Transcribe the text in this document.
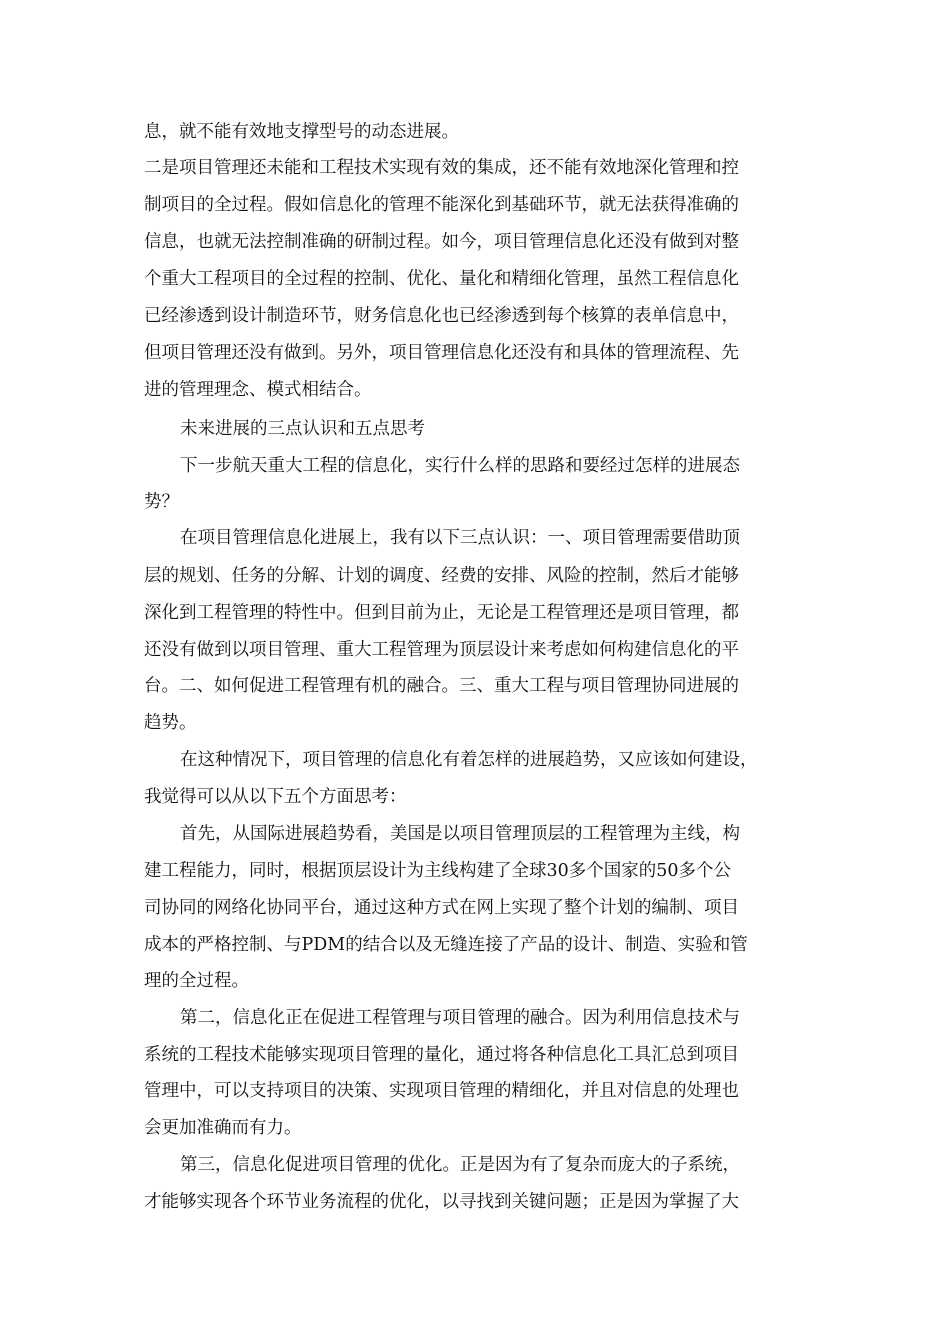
息，就不能有效地支撑型号的动态进展。
二是项目管理还未能和工程技术实现有效的集成，还不能有效地深化管理和控
制项目的全过程。假如信息化的管理不能深化到基础环节，就无法获得准确的
信息，也就无法控制准确的研制过程。如今，项目管理信息化还没有做到对整
个重大工程项目的全过程的控制、优化、量化和精细化管理，虽然工程信息化
已经渗透到设计制造环节，财务信息化也已经渗透到每个核算的表单信息中，
但项目管理还没有做到。另外，项目管理信息化还没有和具体的管理流程、先
进的管理理念、模式相结合。
未来进展的三点认识和五点思考
下一步航天重大工程的信息化，实行什么样的思路和要经过怎样的进展态
势？
在项目管理信息化进展上，我有以下三点认识：一、项目管理需要借助顶
层的规划、任务的分解、计划的调度、经费的安排、风险的控制，然后才能够
深化到工程管理的特性中。但到目前为止，无论是工程管理还是项目管理，都
还没有做到以项目管理、重大工程管理为顶层设计来考虑如何构建信息化的平
台。二、如何促进工程管理有机的融合。三、重大工程与项目管理协同进展的
趋势。
在这种情况下，项目管理的信息化有着怎样的进展趋势，又应该如何建设，
我觉得可以从以下五个方面思考：
首先，从国际进展趋势看，美国是以项目管理顶层的工程管理为主线，构
建工程能力，同时，根据顶层设计为主线构建了全球30多个国家的50多个公
司协同的网络化协同平台，通过这种方式在网上实现了整个计划的编制、项目
成本的严格控制、与PDM的结合以及无缝连接了产品的设计、制造、实验和管
理的全过程。
第二，信息化正在促进工程管理与项目管理的融合。因为利用信息技术与
系统的工程技术能够实现项目管理的量化，通过将各种信息化工具汇总到项目
管理中，可以支持项目的决策、实现项目管理的精细化，并且对信息的处理也
会更加准确而有力。
第三，信息化促进项目管理的优化。正是因为有了复杂而庞大的子系统，
才能够实现各个环节业务流程的优化，以寻找到关键问题；正是因为掌握了大
